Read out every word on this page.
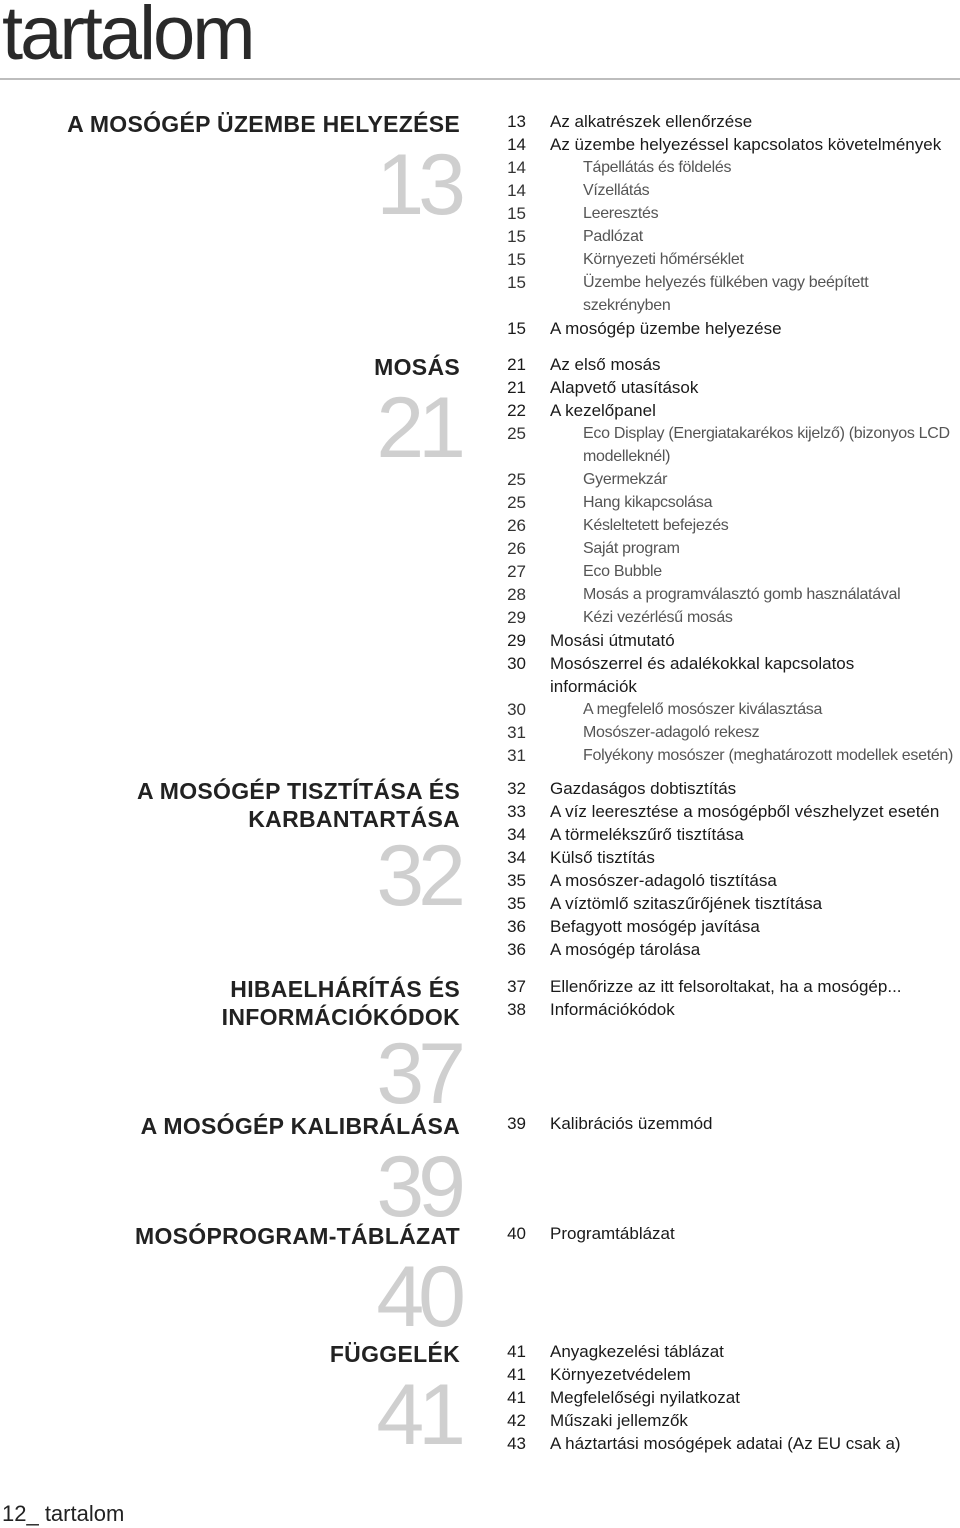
tartalom
A MOSÓGÉP ÜZEMBE HELYEZÉSE
13
13 Az alkatrészek ellenőrzése
14 Az üzembe helyezéssel kapcsolatos követelmények
14	Tápellátás és földelés
14	Vízellátás
15	Leeresztés
15	Padlózat
15	Környezeti hőmérséklet
15	Üzembe helyezés fülkében vagy beépített szekrényben
15 A mosógép üzembe helyezése
MOSÁS
21
21 Az első mosás
21 Alapvető utasítások
22 A kezelőpanel
25	Eco Display (Energiatakarékos kijelző) (bizonyos LCD modelleknél)
25	Gyermekzár
25	Hang kikapcsolása
26	Késleltetett befejezés
26	Saját program
27	Eco Bubble
28	Mosás a programválasztó gomb használatával
29	Kézi vezérlésű mosás
29 Mosási útmutató
30 Mosószerrel és adalékokkal kapcsolatos információk
30	A megfelelő mosószer kiválasztása
31	Mosószer-adagoló rekesz
31	Folyékony mosószer (meghatározott modellek esetén)
A MOSÓGÉP TISZTÍTÁSA ÉS KARBANTARTÁSA
32
32 Gazdaságos dobtisztítás
33 A víz leeresztése a mosógépből vészhelyzet esetén
34 A törmelékszűrő tisztítása
34 Külső tisztítás
35 A mosószer-adagoló tisztítása
35 A víztömlő szitaszűrőjének tisztítása
36 Befagyott mosógép javítása
36 A mosógép tárolása
HIBAELHÁRÍTÁS ÉS INFORMÁCIÓKÓDOK
37
37 Ellenőrizze az itt felsoroltakat, ha a mosógép...
38 Információkódok
A MOSÓGÉP KALIBRÁLÁSA
39
39 Kalibrációs üzemmód
MOSÓPROGRAM-TÁBLÁZAT
40
40 Programtáblázat
FÜGGELÉK
41
41 Anyagkezelési táblázat
41 Környezetvédelem
41 Megfelelőségi nyilatkozat
42 Műszaki jellemzők
43 A háztartási mosógépek adatai (Az EU csak a)
12_ tartalom
